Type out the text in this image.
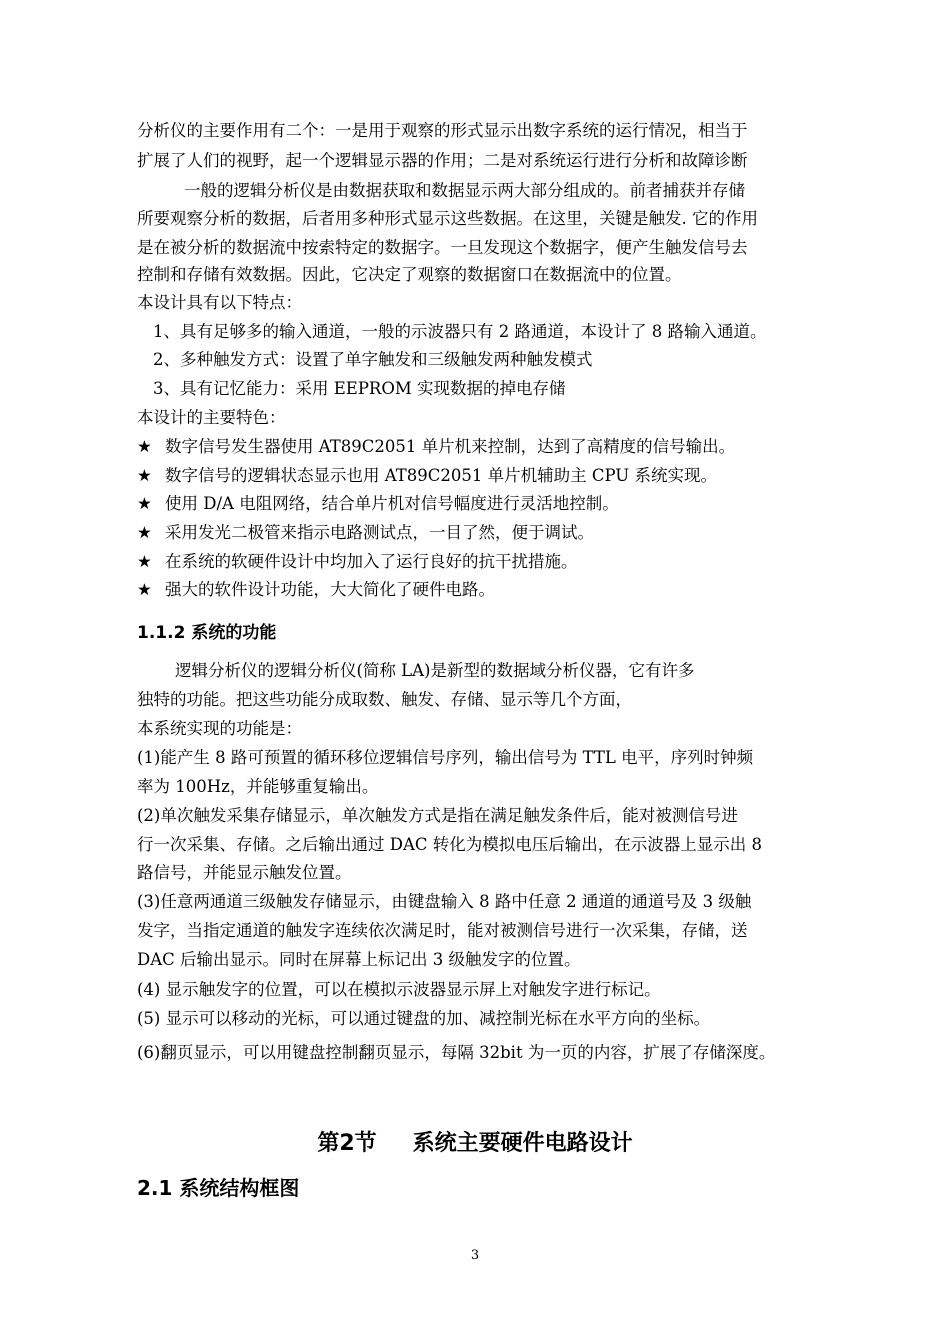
分析仪的主要作用有二个：一是用于观察的形式显示出数字系统的运行情况，相当于
扩展了人们的视野，起一个逻辑显示器的作用；二是对系统运行进行分析和故障诊断
一般的逻辑分析仪是由数据获取和数据显示两大部分组成的。前者捕获并存储
所要观察分析的数据，后者用多种形式显示这些数据。在这里，关键是触发. 它的作用
是在被分析的数据流中按索特定的数据字。一旦发现这个数据字，便产生触发信号去
控制和存储有效数据。因此，它决定了观察的数据窗口在数据流中的位置。
本设计具有以下特点：
1、具有足够多的输入通道，一般的示波器只有 2 路通道，本设计了 8 路输入通道。
2、多种触发方式：设置了单字触发和三级触发两种触发模式
3、具有记忆能力：采用 EEPROM 实现数据的掉电存储
本设计的主要特色：
★ 数字信号发生器使用 AT89C2051 单片机来控制，达到了高精度的信号输出。
★ 数字信号的逻辑状态显示也用 AT89C2051 单片机辅助主 CPU 系统实现。
★ 使用 D/A 电阻网络，结合单片机对信号幅度进行灵活地控制。
★ 采用发光二极管来指示电路测试点，一目了然，便于调试。
★ 在系统的软硬件设计中均加入了运行良好的抗干扰措施。
★ 强大的软件设计功能，大大简化了硬件电路。
1.1.2 系统的功能
逻辑分析仪的逻辑分析仪(简称 LA)是新型的数据域分析仪器，它有许多
独特的功能。把这些功能分成取数、触发、存储、显示等几个方面，
本系统实现的功能是：
(1)能产生 8 路可预置的循环移位逻辑信号序列，输出信号为 TTL 电平，序列时钟频
率为 100Hz，并能够重复输出。
(2)单次触发采集存储显示，单次触发方式是指在满足触发条件后，能对被测信号进
行一次采集、存储。之后输出通过 DAC 转化为模拟电压后输出，在示波器上显示出 8
路信号，并能显示触发位置。
(3)任意两通道三级触发存储显示，由键盘输入 8 路中任意 2 通道的通道号及 3 级触
发字，当指定通道的触发字连续依次满足时，能对被测信号进行一次采集，存储，送
DAC 后输出显示。同时在屏幕上标记出 3 级触发字的位置。
(4) 显示触发字的位置，可以在模拟示波器显示屏上对触发字进行标记。
(5) 显示可以移动的光标，可以通过键盘的加、减控制光标在水平方向的坐标。
(6)翻页显示，可以用键盘控制翻页显示，每隔 32bit 为一页的内容，扩展了存储深度。
第2节 系统主要硬件电路设计
2.1 系统结构框图
3
